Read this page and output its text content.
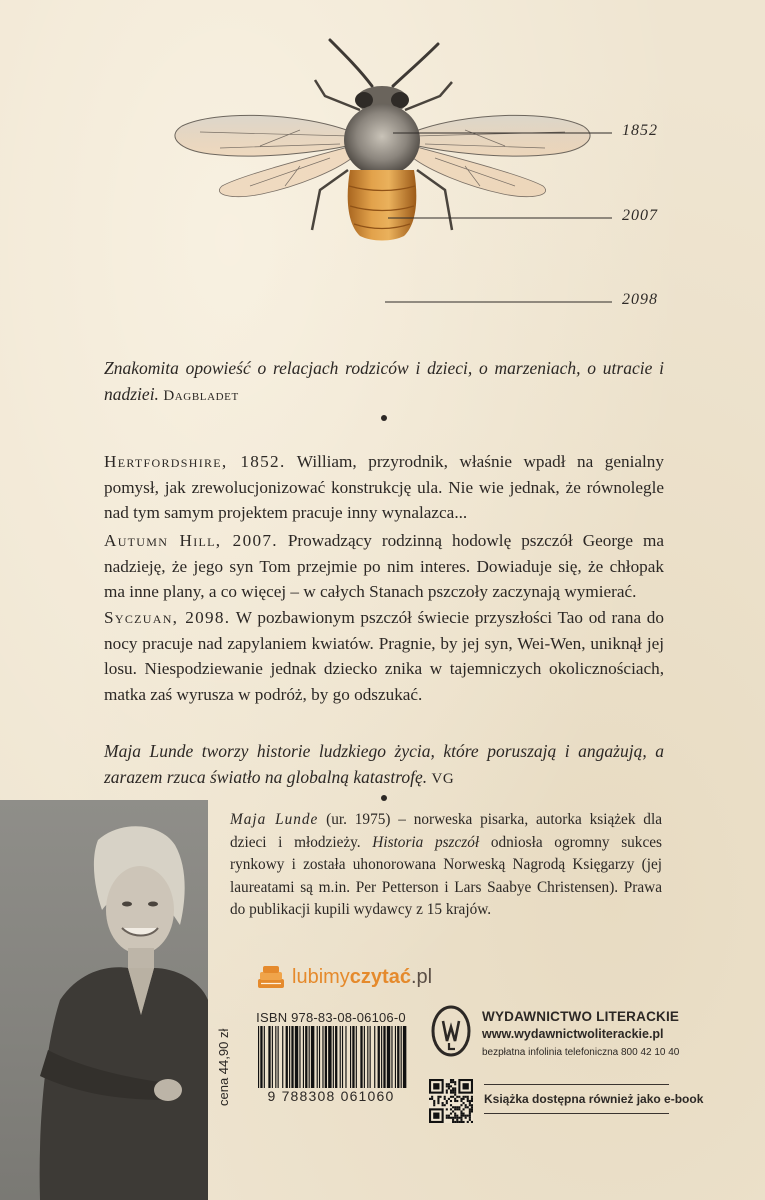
1852
2007
2098
Znakomita opowieść o relacjach rodziców i dzieci, o marzeniach, o utracie i nadziei. Dagbladet
Hertfordshire, 1852. William, przyrodnik, właśnie wpadł na genialny pomysł, jak zrewolucjonizować konstrukcję ula. Nie wie jednak, że równolegle nad tym samym projektem pracuje inny wynalazca...
Autumn Hill, 2007. Prowadzący rodzinną hodowlę pszczół George ma nadzieję, że jego syn Tom przejmie po nim interes. Dowiaduje się, że chłopak ma inne plany, a co więcej – w całych Stanach pszczoły zaczynają wymierać.
Syczuan, 2098. W pozbawionym pszczół świecie przyszłości Tao od rana do nocy pracuje nad zapylaniem kwiatów. Pragnie, by jej syn, Wei-Wen, uniknął jej losu. Niespodziewanie jednak dziecko znika w tajemniczych okolicznościach, matka zaś wyrusza w podróż, by go odszukać.
Maja Lunde tworzy historie ludzkiego życia, które poruszają i angażują, a zarazem rzuca światło na globalną katastrofę. VG
Maja Lunde (ur. 1975) – norweska pisarka, autorka książek dla dzieci i młodzieży. Historia pszczół odniosła ogromny sukces rynkowy i została uhonorowana Norweską Nagrodą Księgarzy (jej laureatami są m.in. Per Petterson i Lars Saabye Christensen). Prawa do publikacji kupili wydawcy z 15 krajów.
lubimyczytać.pl
cena 44,90 zł
ISBN 978-83-08-06106-0
9 788308 061060
WYDAWNICTWO LITERACKIE
www.wydawnictwoliterackie.pl
bezpłatna infolinia telefoniczna 800 42 10 40
Książka dostępna również jako e-book
